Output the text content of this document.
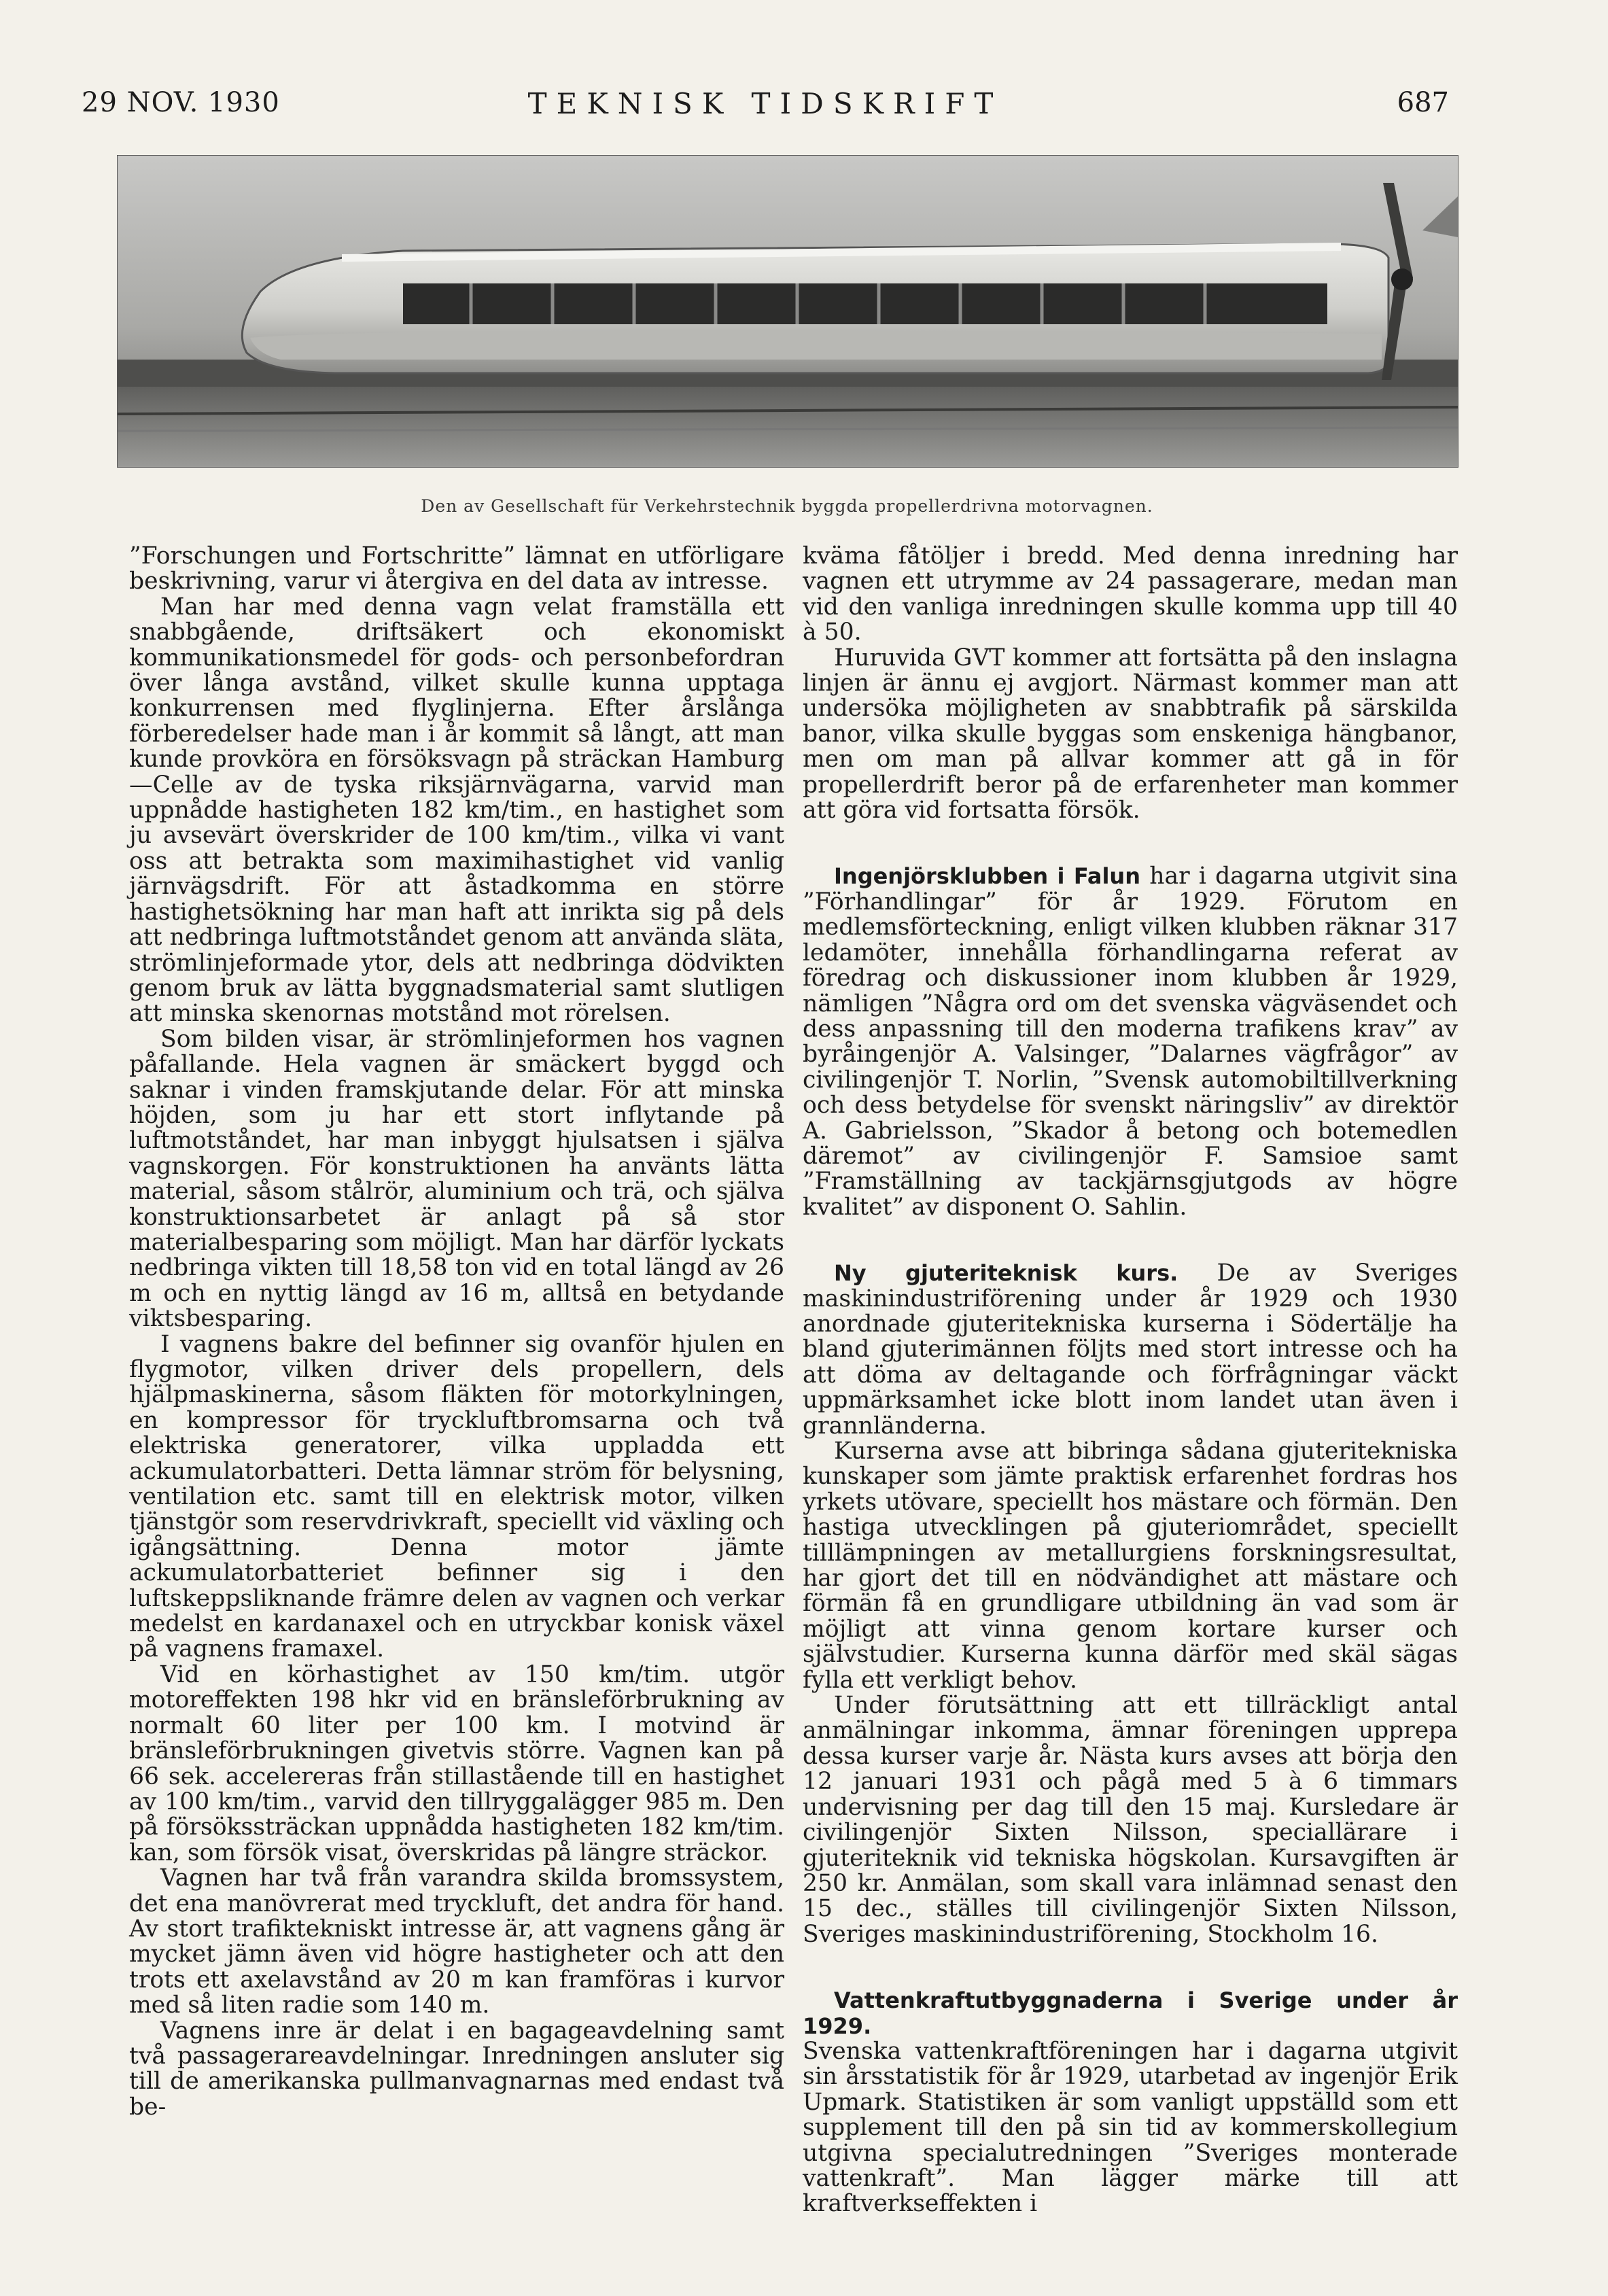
29 NOV. 1930	TEKNISK TIDSKRIFT	687
Den av Gesellschaft für Verkehrstechnik byggda propellerdrivna motorvagnen.

”Forschungen und Fortschritte” lämnat en utförligare beskrivning, varur vi återgiva en del data av intresse.

Man har med denna vagn velat framställa ett snabbgående, driftsäkert och ekonomiskt kommunikationsmedel för gods- och personbefordran över långa avstånd, vilket skulle kunna upptaga konkurrensen med flyglinjerna. Efter årslånga förberedelser hade man i år kommit så långt, att man kunde provköra en försöksvagn på sträckan Hamburg—Celle av de tyska riksjärnvägarna, varvid man uppnådde hastigheten 182 km/tim., en hastighet som ju avsevärt överskrider de 100 km/tim., vilka vi vant oss att betrakta som maximihastighet vid vanlig järnvägsdrift. För att åstadkomma en större hastighetsökning har man haft att inrikta sig på dels att nedbringa luftmotståndet genom att använda släta, strömlinjeformade ytor, dels att nedbringa dödvikten genom bruk av lätta byggnadsmaterial samt slutligen att minska skenornas motstånd mot rörelsen.

Som bilden visar, är strömlinjeformen hos vagnen påfallande. Hela vagnen är smäckert byggd och saknar i vinden framskjutande delar. För att minska höjden, som ju har ett stort inflytande på luftmotståndet, har man inbyggt hjulsatsen i själva vagnskorgen. För konstruktionen ha använts lätta material, såsom stålrör, aluminium och trä, och själva konstruktionsarbetet är anlagt på så stor materialbesparing som möjligt. Man har därför lyckats nedbringa vikten till 18,58 ton vid en total längd av 26 m och en nyttig längd av 16 m, alltså en betydande viktsbesparing.

I vagnens bakre del befinner sig ovanför hjulen en flygmotor, vilken driver dels propellern, dels hjälpmaskinerna, såsom fläkten för motorkylningen, en kompressor för tryckluftbromsarna och två elektriska generatorer, vilka uppladda ett ackumulatorbatteri. Detta lämnar ström för belysning, ventilation etc. samt till en elektrisk motor, vilken tjänstgör som reservdrivkraft, speciellt vid växling och igångsättning. Denna motor jämte ackumulatorbatteriet befinner sig i den luftskeppsliknande främre delen av vagnen och verkar medelst en kardanaxel och en utryckbar konisk växel på vagnens framaxel.

Vid en körhastighet av 150 km/tim. utgör motoreffekten 198 hkr vid en bränsleförbrukning av normalt 60 liter per 100 km. I motvind är bränsleförbrukningen givetvis större. Vagnen kan på 66 sek. accelereras från stillastående till en hastighet av 100 km/tim., varvid den tillryggalägger 985 m. Den på försökssträckan uppnådda hastigheten 182 km/tim. kan, som försök visat, överskridas på längre sträckor.

Vagnen har två från varandra skilda bromssystem, det ena manövrerat med tryckluft, det andra för hand. Av stort trafiktekniskt intresse är, att vagnens gång är mycket jämn även vid högre hastigheter och att den trots ett axelavstånd av 20 m kan framföras i kurvor med så liten radie som 140 m.

Vagnens inre är delat i en bagageavdelning samt två passagerareavdelningar. Inredningen ansluter sig till de amerikanska pullmanvagnarnas med endast två be-

kväma fåtöljer i bredd. Med denna inredning har vagnen ett utrymme av 24 passagerare, medan man vid den vanliga inredningen skulle komma upp till 40 à 50.

Huruvida GVT kommer att fortsätta på den inslagna linjen är ännu ej avgjort. Närmast kommer man att undersöka möjligheten av snabbtrafik på särskilda banor, vilka skulle byggas som enskeniga hängbanor, men om man på allvar kommer att gå in för propellerdrift beror på de erfarenheter man kommer att göra vid fortsatta försök.

Ingenjörsklubben i Falun har i dagarna utgivit sina ”Förhandlingar” för år 1929. Förutom en medlemsförteckning, enligt vilken klubben räknar 317 ledamöter, innehålla förhandlingarna referat av föredrag och diskussioner inom klubben år 1929, nämligen ”Några ord om det svenska vägväsendet och dess anpassning till den moderna trafikens krav” av byråingenjör A. Valsinger, ”Dalarnes vägfrågor” av civilingenjör T. Norlin, ”Svensk automobiltillverkning och dess betydelse för svenskt näringsliv” av direktör A. Gabrielsson, ”Skador å betong och botemedlen däremot” av civilingenjör F. Samsioe samt ”Framställning av tackjärnsgjutgods av högre kvalitet” av disponent O. Sahlin.

Ny gjuteriteknisk kurs. De av Sveriges maskinindustriförening under år 1929 och 1930 anordnade gjuteritekniska kurserna i Södertälje ha bland gjuterimännen följts med stort intresse och ha att döma av deltagande och förfrågningar väckt uppmärksamhet icke blott inom landet utan även i grannländerna.

Kurserna avse att bibringa sådana gjuteritekniska kunskaper som jämte praktisk erfarenhet fordras hos yrkets utövare, speciellt hos mästare och förmän. Den hastiga utvecklingen på gjuteriområdet, speciellt tilllämpningen av metallurgiens forskningsresultat, har gjort det till en nödvändighet att mästare och förmän få en grundligare utbildning än vad som är möjligt att vinna genom kortare kurser och självstudier. Kurserna kunna därför med skäl sägas fylla ett verkligt behov.

Under förutsättning att ett tillräckligt antal anmälningar inkomma, ämnar föreningen upprepa dessa kurser varje år. Nästa kurs avses att börja den 12 januari 1931 och pågå med 5 à 6 timmars undervisning per dag till den 15 maj. Kursledare är civilingenjör Sixten Nilsson, speciallärare i gjuteriteknik vid tekniska högskolan. Kursavgiften är 250 kr. Anmälan, som skall vara inlämnad senast den 15 dec., ställes till civilingenjör Sixten Nilsson, Sveriges maskinindustriförening, Stockholm 16.

Vattenkraftutbyggnaderna i Sverige under år 1929.

Svenska vattenkraftföreningen har i dagarna utgivit sin årsstatistik för år 1929, utarbetad av ingenjör Erik Upmark. Statistiken är som vanligt uppställd som ett supplement till den på sin tid av kommerskollegium utgivna specialutredningen ”Sveriges monterade vattenkraft”. Man lägger märke till att kraftverkseffekten i
